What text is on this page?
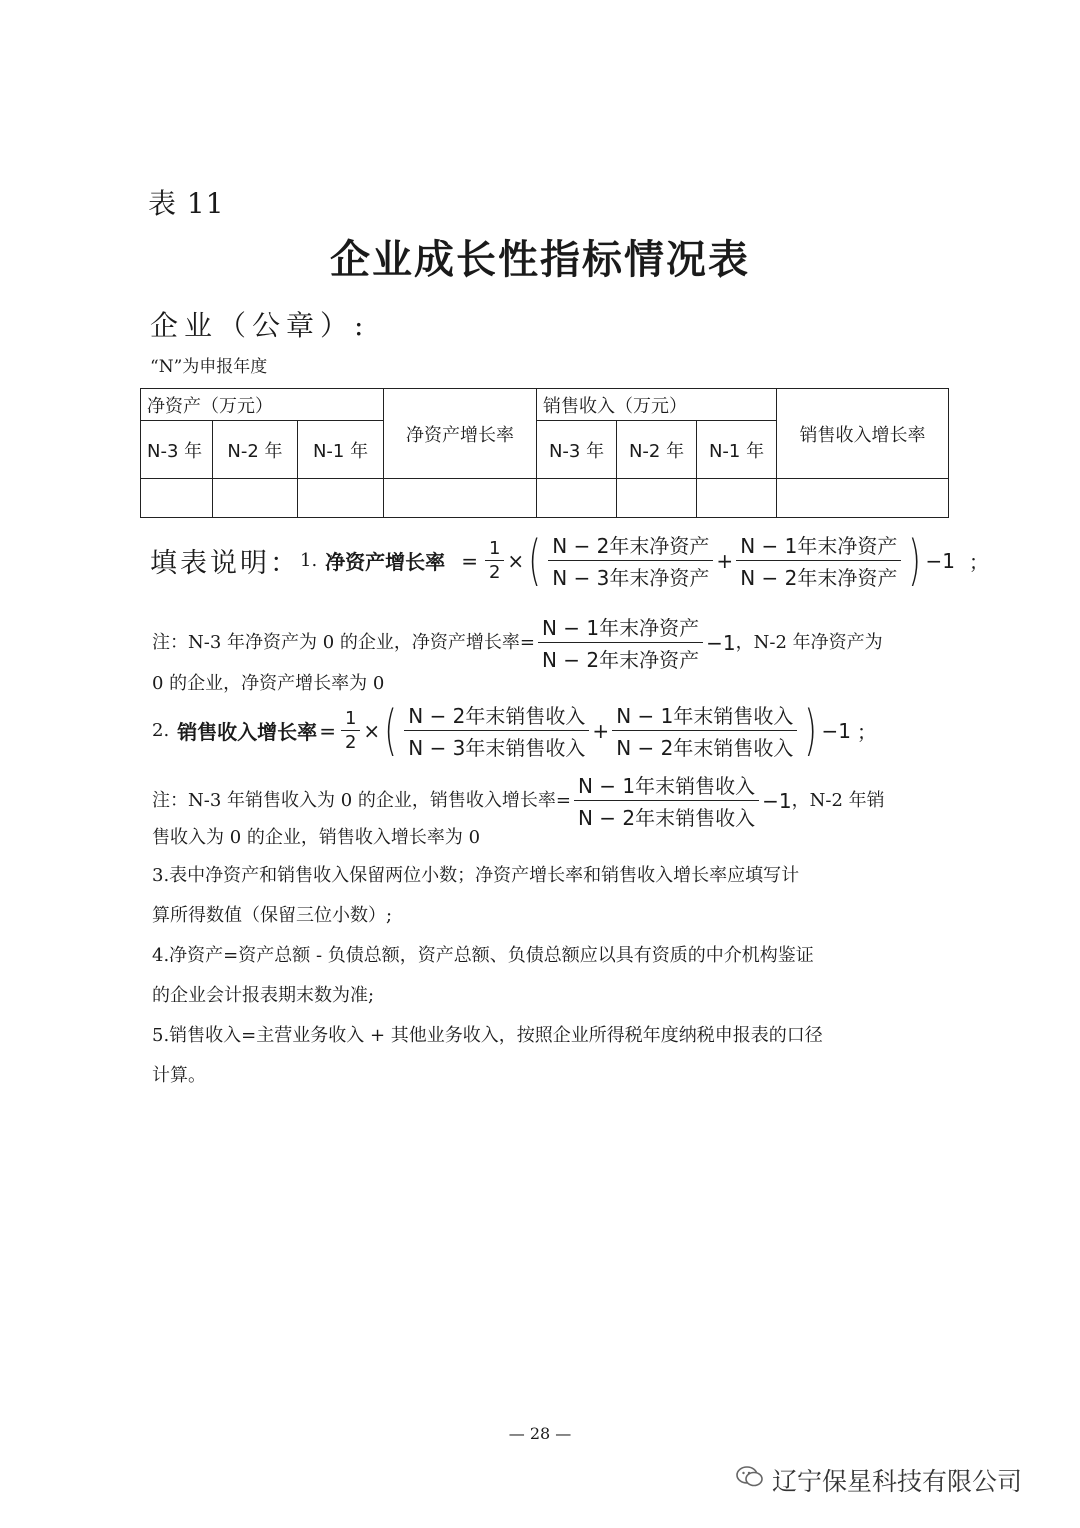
表 11
企业成长性指标情况表
企业（公章）:
“N”为申报年度
净资产（万元）			净资产增长率	销售收入（万元）			销售收入增长率
N-3 年	N-2 年	N-1 年		N-3 年	N-2 年	N-1 年	

填表说明： 1. 净资产增长率 = $\frac{1}{2}$ × ( $\frac{\text{N − 2年末净资产}}{\text{N − 3年末净资产}} + \frac{\text{N − 1年末净资产}}{\text{N − 2年末净资产}}$ ) −1 ；
注：N-3 年净资产为 0 的企业，净资产增长率= $\frac{\text{N − 1年末净资产}}{\text{N − 2年末净资产}} -1$ ，N-2 年净资产为
0 的企业，净资产增长率为 0
2. 销售收入增长率 = $\frac{1}{2}$ × ( $\frac{\text{N − 2年末销售收入}}{\text{N − 3年末销售收入}} + \frac{\text{N − 1年末销售收入}}{\text{N − 2年末销售收入}}$ ) −1 ；
注：N-3 年销售收入为 0 的企业，销售收入增长率= $\frac{\text{N − 1年末销售收入}}{\text{N − 2年末销售收入}} -1$ ，N-2 年销
售收入为 0 的企业，销售收入增长率为 0
3.表中净资产和销售收入保留两位小数；净资产增长率和销售收入增长率应填写计
算所得数值（保留三位小数）;
4.净资产=资产总额 - 负债总额，资产总额、负债总额应以具有资质的中介机构鉴证
的企业会计报表期末数为准;
5.销售收入=主营业务收入 + 其他业务收入，按照企业所得税年度纳税申报表的口径
计算。
— 28 —
辽宁保星科技有限公司
